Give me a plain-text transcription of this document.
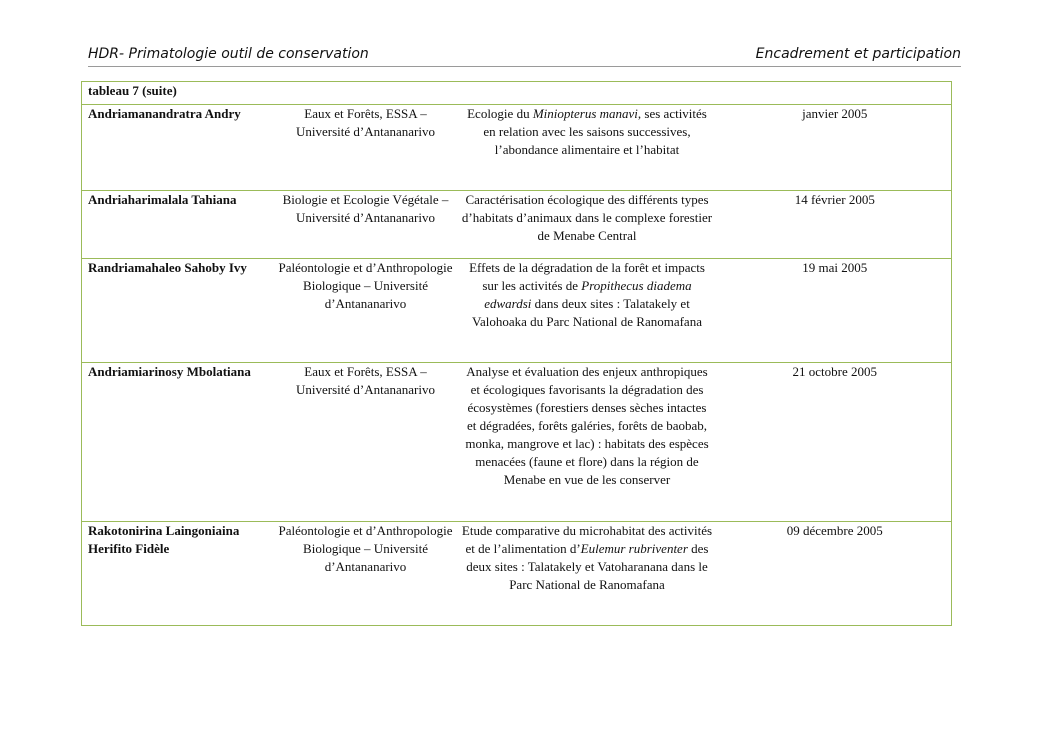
HDR- Primatologie outil de conservation	Encadrement et participation
tableau 7 (suite)			
Andriamanandratra Andry	Eaux et Forêts, ESSA – Université d’Antananarivo	Ecologie du Miniopterus manavi, ses activités en relation avec les saisons successives, l’abondance alimentaire et l’habitat	janvier 2005
Andriaharimalala Tahiana	Biologie et Ecologie Végétale – Université d’Antananarivo	Caractérisation écologique des différents types d’habitats d’animaux dans le complexe forestier de Menabe Central	14 février 2005
Randriamahaleo Sahoby Ivy	Paléontologie et d’Anthropologie Biologique – Université d’Antananarivo	Effets de la dégradation de la forêt et impacts sur les activités de Propithecus diadema edwardsi dans deux sites : Talatakely et Valohoaka du Parc National de Ranomafana	19 mai 2005
Andriamiarinosy Mbolatiana	Eaux et Forêts, ESSA – Université d’Antananarivo	Analyse et évaluation des enjeux anthropiques et écologiques favorisants la dégradation des écosystèmes (forestiers denses sèches intactes et dégradées, forêts galéries, forêts de baobab, monka, mangrove et lac) : habitats des espèces menacées (faune et flore) dans la région de Menabe en vue de les conserver	21 octobre 2005
Rakotonirina Laingoniaina Herifito Fidèle	Paléontologie et d’Anthropologie Biologique – Université d’Antananarivo	Etude comparative du microhabitat des activités et de l’alimentation d’Eulemur rubriventer des deux sites : Talatakely et Vatoharanana dans le Parc National de Ranomafana	09 décembre 2005
